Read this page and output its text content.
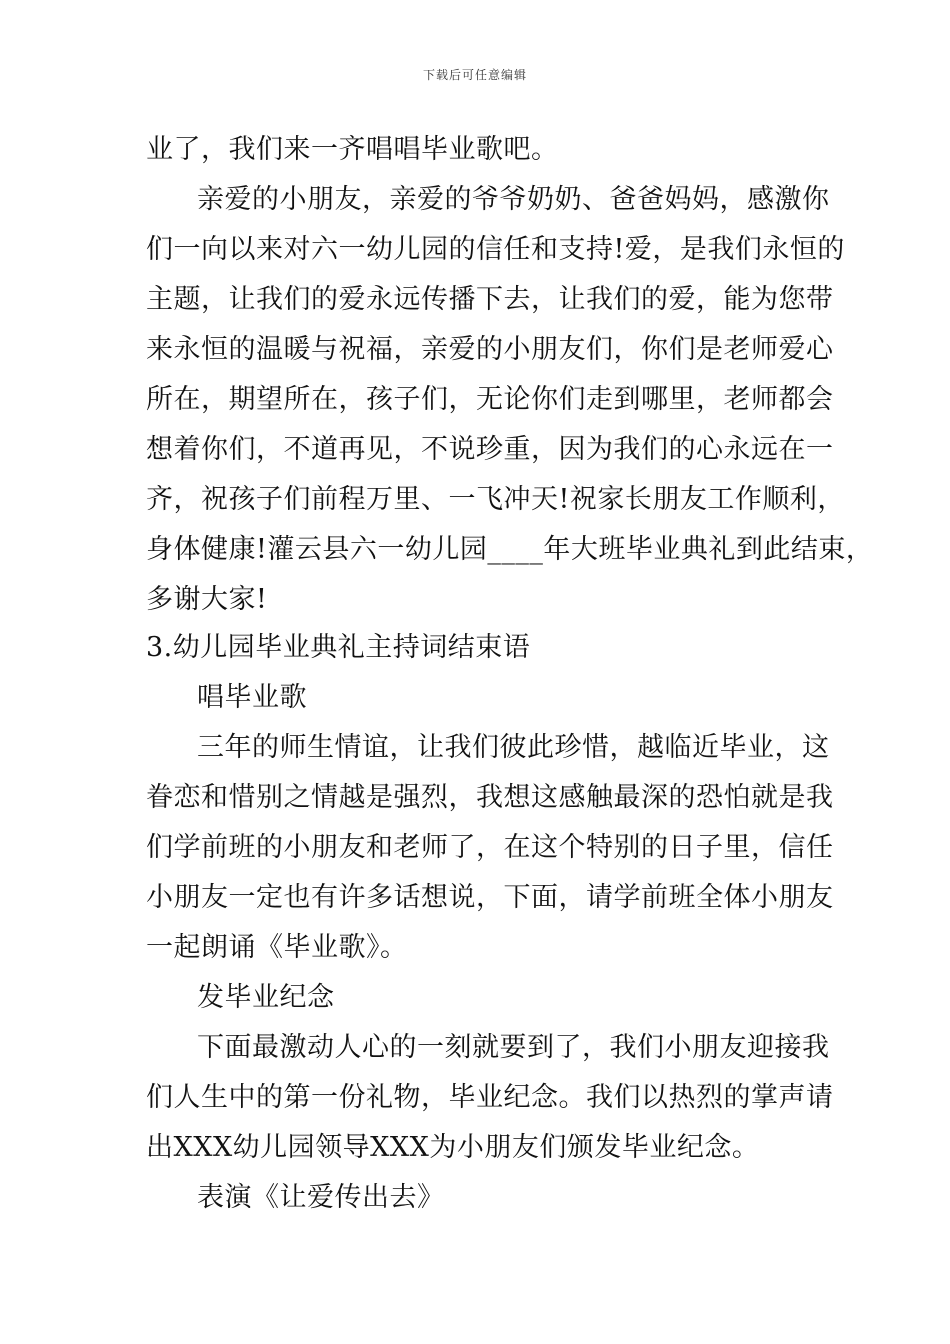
下载后可任意编辑
业了，我们来一齐唱唱毕业歌吧。
亲爱的小朋友，亲爱的爷爷奶奶、爸爸妈妈，感激你
们一向以来对六一幼儿园的信任和支持!爱，是我们永恒的
主题，让我们的爱永远传播下去，让我们的爱，能为您带
来永恒的温暖与祝福，亲爱的小朋友们，你们是老师爱心
所在，期望所在，孩子们，无论你们走到哪里，老师都会
想着你们，不道再见，不说珍重，因为我们的心永远在一
齐，祝孩子们前程万里、一飞冲天!祝家长朋友工作顺利，
身体健康!灌云县六一幼儿园____年大班毕业典礼到此结束，
多谢大家!
3.幼儿园毕业典礼主持词结束语
唱毕业歌
三年的师生情谊，让我们彼此珍惜，越临近毕业，这
眷恋和惜别之情越是强烈，我想这感触最深的恐怕就是我
们学前班的小朋友和老师了，在这个特别的日子里，信任
小朋友一定也有许多话想说，下面，请学前班全体小朋友
一起朗诵《毕业歌》。
发毕业纪念
下面最激动人心的一刻就要到了，我们小朋友迎接我
们人生中的第一份礼物，毕业纪念。我们以热烈的掌声请
出XXX幼儿园领导XXX为小朋友们颁发毕业纪念。
表演《让爱传出去》
